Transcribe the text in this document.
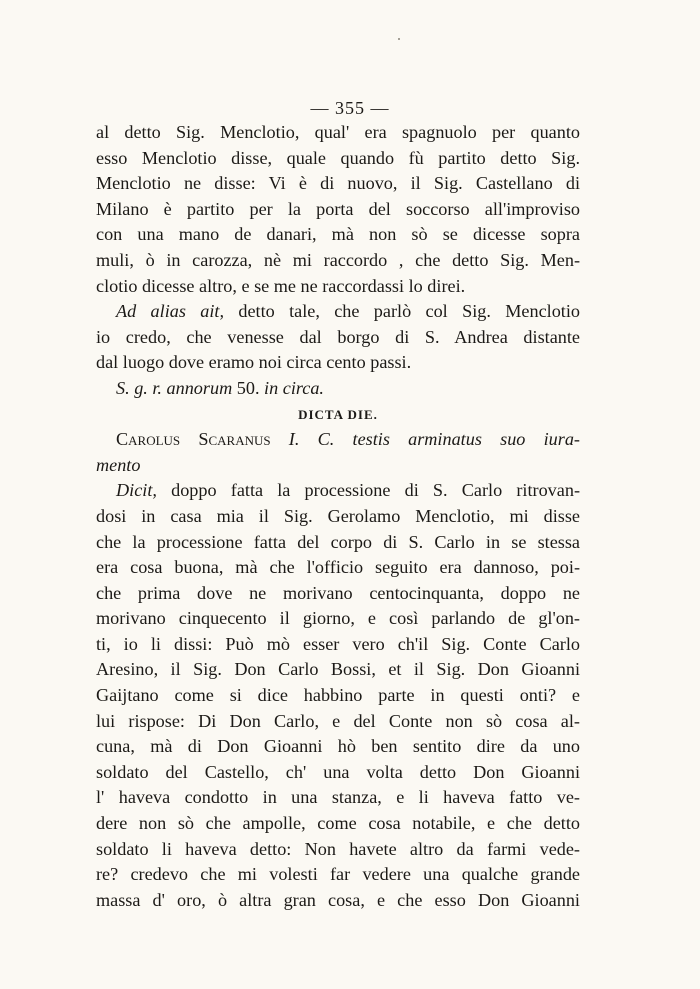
— 355 —
al detto Sig. Menclotio, qual' era spagnuolo per quanto
esso Menclotio disse, quale quando fù partito detto Sig.
Menclotio ne disse: Vi è di nuovo, il Sig. Castellano di
Milano è partito per la porta del soccorso all'improviso
con una mano de danari, mà non sò se dicesse sopra
muli, ò in carozza, nè mi raccordo , che detto Sig. Men-
clotio dicesse altro, e se me ne raccordassi lo direi.
Ad alias ait, detto tale, che parlò col Sig. Menclotio
io credo, che venesse dal borgo di S. Andrea distante
dal luogo dove eramo noi circa cento passi.
S. g. r. annorum 50. in circa.
DICTA DIE.
Carolus Scaranus I. C. testis arminatus suo iura-
mento
Dicit, doppo fatta la processione di S. Carlo ritrovan-
dosi in casa mia il Sig. Gerolamo Menclotio, mi disse
che la processione fatta del corpo di S. Carlo in se stessa
era cosa buona, mà che l'officio seguito era dannoso, poi-
che prima dove ne morivano centocinquanta, doppo ne
morivano cinquecento il giorno, e così parlando de gl'on-
ti, io li dissi: Può mò esser vero ch'il Sig. Conte Carlo
Aresino, il Sig. Don Carlo Bossi, et il Sig. Don Gioanni
Gaijtano come si dice habbino parte in questi onti? e
lui rispose: Di Don Carlo, e del Conte non sò cosa al-
cuna, mà di Don Gioanni hò ben sentito dire da uno
soldato del Castello, ch' una volta detto Don Gioanni
l' haveva condotto in una stanza, e li haveva fatto ve-
dere non sò che ampolle, come cosa notabile, e che detto
soldato li haveva detto: Non havete altro da farmi vede-
re? credevo che mi volesti far vedere una qualche grande
massa d' oro, ò altra gran cosa, e che esso Don Gioanni
